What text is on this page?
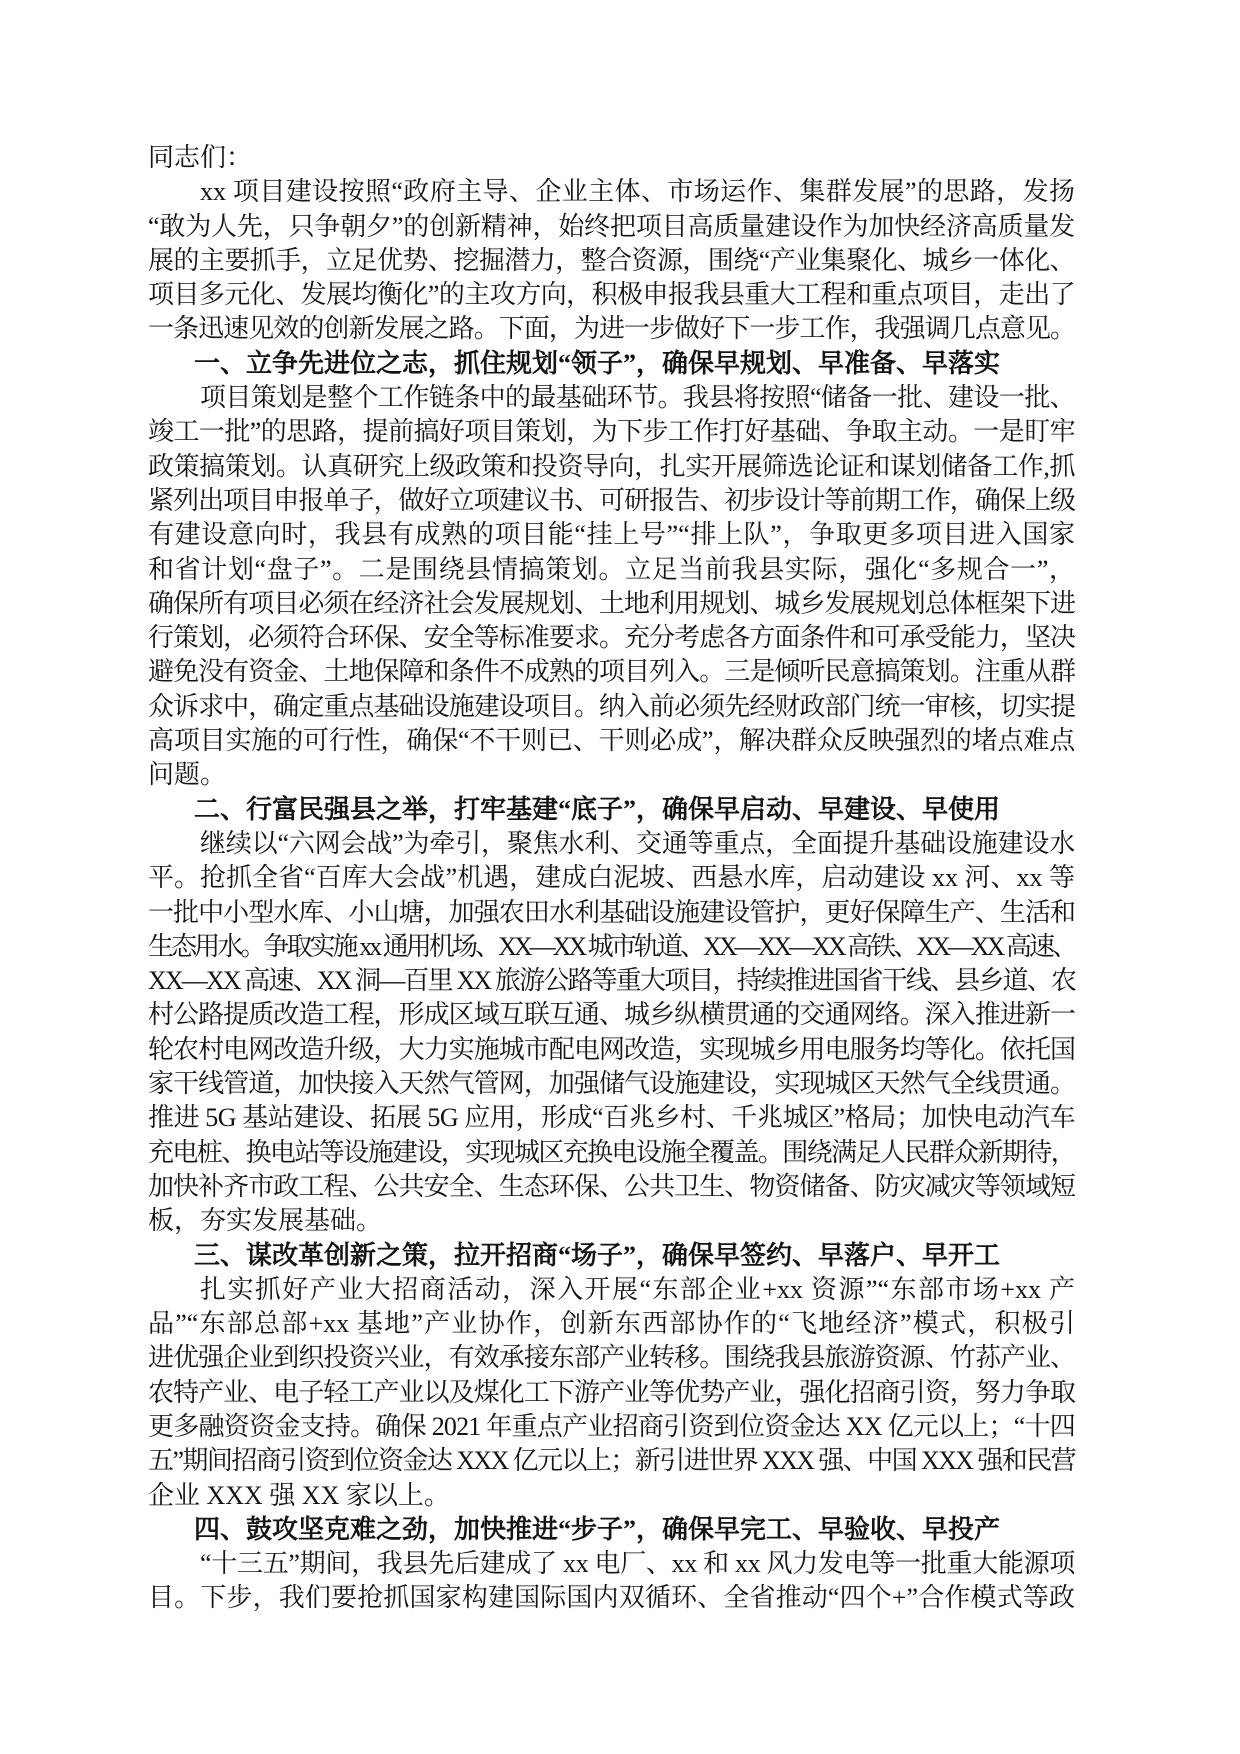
同志们：
xx 项目建设按照“政府主导、企业主体、市场运作、集群发展”的思路，发扬
“敢为人先，只争朝夕”的创新精神，始终把项目高质量建设作为加快经济高质量发
展的主要抓手，立足优势、挖掘潜力，整合资源，围绕“产业集聚化、城乡一体化、
项目多元化、发展均衡化”的主攻方向，积极申报我县重大工程和重点项目，走出了
一条迅速见效的创新发展之路。下面，为进一步做好下一步工作，我强调几点意见。
一、立争先进位之志，抓住规划“领子”，确保早规划、早准备、早落实
项目策划是整个工作链条中的最基础环节。我县将按照“储备一批、建设一批、
竣工一批”的思路，提前搞好项目策划，为下步工作打好基础、争取主动。一是盯牢
政策搞策划。认真研究上级政策和投资导向，扎实开展筛选论证和谋划储备工作,抓
紧列出项目申报单子，做好立项建议书、可研报告、初步设计等前期工作，确保上级
有建设意向时，我县有成熟的项目能“挂上号”“排上队”，争取更多项目进入国家
和省计划“盘子”。二是围绕县情搞策划。立足当前我县实际，强化“多规合一”，
确保所有项目必须在经济社会发展规划、土地利用规划、城乡发展规划总体框架下进
行策划，必须符合环保、安全等标准要求。充分考虑各方面条件和可承受能力，坚决
避免没有资金、土地保障和条件不成熟的项目列入。三是倾听民意搞策划。注重从群
众诉求中，确定重点基础设施建设项目。纳入前必须先经财政部门统一审核，切实提
高项目实施的可行性，确保“不干则已、干则必成”，解决群众反映强烈的堵点难点
问题。
二、行富民强县之举，打牢基建“底子”，确保早启动、早建设、早使用
继续以“六网会战”为牵引，聚焦水利、交通等重点，全面提升基础设施建设水
平。抢抓全省“百库大会战”机遇，建成白泥坡、西悬水库，启动建设 xx 河、xx 等
一批中小型水库、小山塘，加强农田水利基础设施建设管护，更好保障生产、生活和
生态用水。争取实施 xx 通用机场、XX—XX 城市轨道、XX—XX—XX 高铁、XX—XX 高速、
XX—XX 高速、XX 洞—百里 XX 旅游公路等重大项目，持续推进国省干线、县乡道、农
村公路提质改造工程，形成区域互联互通、城乡纵横贯通的交通网络。深入推进新一
轮农村电网改造升级，大力实施城市配电网改造，实现城乡用电服务均等化。依托国
家干线管道，加快接入天然气管网，加强储气设施建设，实现城区天然气全线贯通。
推进 5G 基站建设、拓展 5G 应用，形成“百兆乡村、千兆城区”格局；加快电动汽车
充电桩、换电站等设施建设，实现城区充换电设施全覆盖。围绕满足人民群众新期待，
加快补齐市政工程、公共安全、生态环保、公共卫生、物资储备、防灾减灾等领域短
板，夯实发展基础。
三、谋改革创新之策，拉开招商“场子”，确保早签约、早落户、早开工
扎实抓好产业大招商活动，深入开展“东部企业+xx 资源”“东部市场+xx 产
品”“东部总部+xx 基地”产业协作，创新东西部协作的“飞地经济”模式，积极引
进优强企业到织投资兴业，有效承接东部产业转移。围绕我县旅游资源、竹荪产业、
农特产业、电子轻工产业以及煤化工下游产业等优势产业，强化招商引资，努力争取
更多融资资金支持。确保 2021 年重点产业招商引资到位资金达 XX 亿元以上；“十四
五”期间招商引资到位资金达 XXX 亿元以上；新引进世界 XXX 强、中国 XXX 强和民营
企业 XXX 强 XX 家以上。
四、鼓攻坚克难之劲，加快推进“步子”，确保早完工、早验收、早投产
“十三五”期间，我县先后建成了 xx 电厂、xx 和 xx 风力发电等一批重大能源项
目。下步，我们要抢抓国家构建国际国内双循环、全省推动“四个+”合作模式等政
